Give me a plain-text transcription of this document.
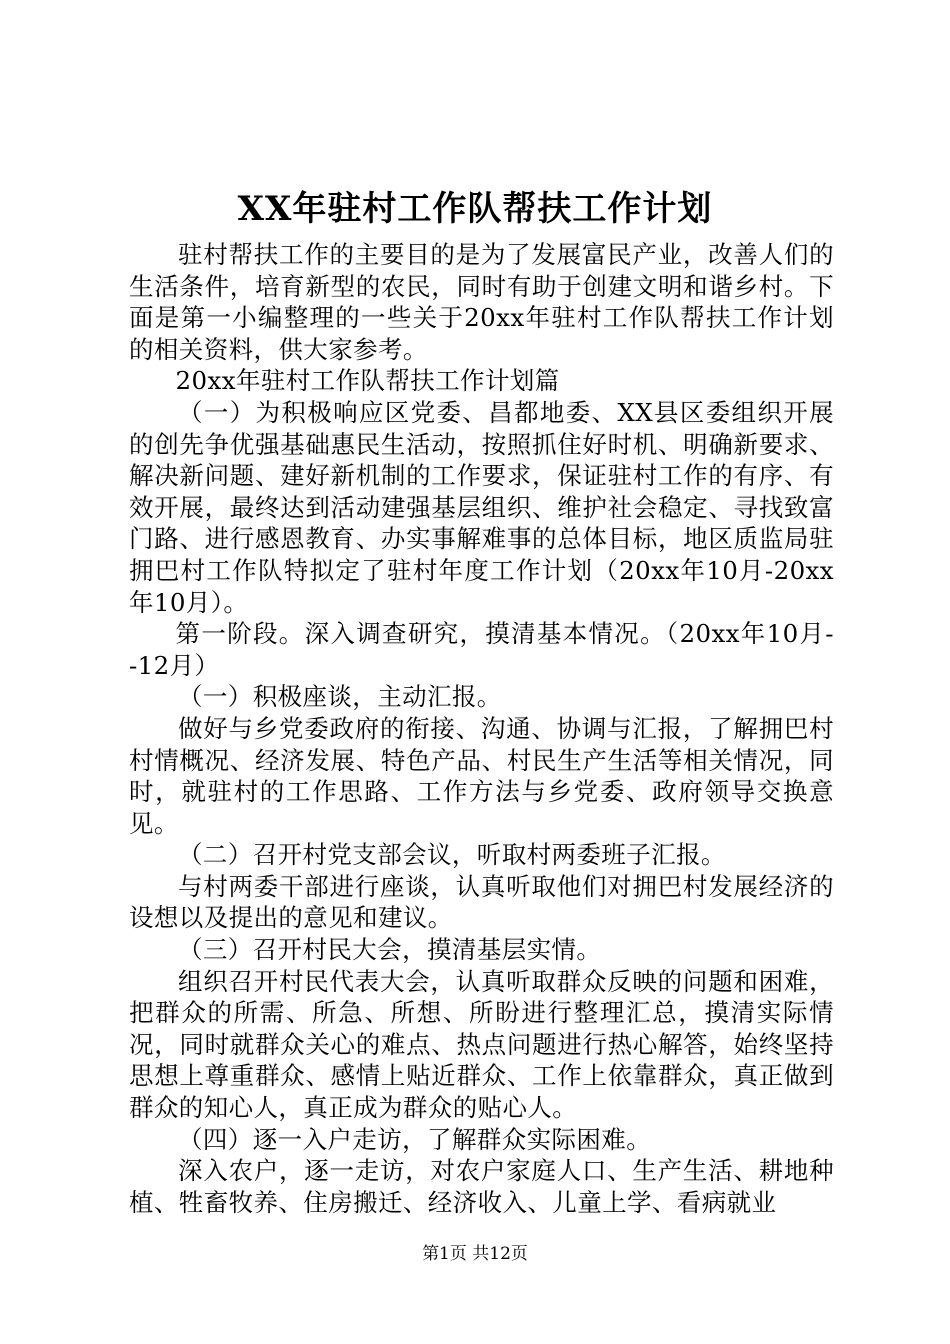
XX年驻村工作队帮扶工作计划

驻村帮扶工作的主要目的是为了发展富民产业，改善人们的生活条件，培育新型的农民，同时有助于创建文明和谐乡村。下面是第一小编整理的一些关于20xx年驻村工作队帮扶工作计划的相关资料，供大家参考。

20xx年驻村工作队帮扶工作计划篇

（一）为积极响应区党委、昌都地委、XX县区委组织开展的创先争优强基础惠民生活动，按照抓住好时机、明确新要求、解决新问题、建好新机制的工作要求，保证驻村工作的有序、有效开展，最终达到活动建强基层组织、维护社会稳定、寻找致富门路、进行感恩教育、办实事解难事的总体目标，地区质监局驻拥巴村工作队特拟定了驻村年度工作计划（20xx年10月-20xx年10月）。

第一阶段。深入调查研究，摸清基本情况。（20xx年10月--12月）

（一）积极座谈，主动汇报。

做好与乡党委政府的衔接、沟通、协调与汇报，了解拥巴村村情概况、经济发展、特色产品、村民生产生活等相关情况，同时，就驻村的工作思路、工作方法与乡党委、政府领导交换意见。

（二）召开村党支部会议，听取村两委班子汇报。

与村两委干部进行座谈，认真听取他们对拥巴村发展经济的设想以及提出的意见和建议。

（三）召开村民大会，摸清基层实情。

组织召开村民代表大会，认真听取群众反映的问题和困难，把群众的所需、所急、所想、所盼进行整理汇总，摸清实际情况，同时就群众关心的难点、热点问题进行热心解答，始终坚持思想上尊重群众、感情上贴近群众、工作上依靠群众，真正做到群众的知心人，真正成为群众的贴心人。

（四）逐一入户走访，了解群众实际困难。

深入农户，逐一走访，对农户家庭人口、生产生活、耕地种植、牲畜牧养、住房搬迁、经济收入、儿童上学、看病就业

第1页 共12页
